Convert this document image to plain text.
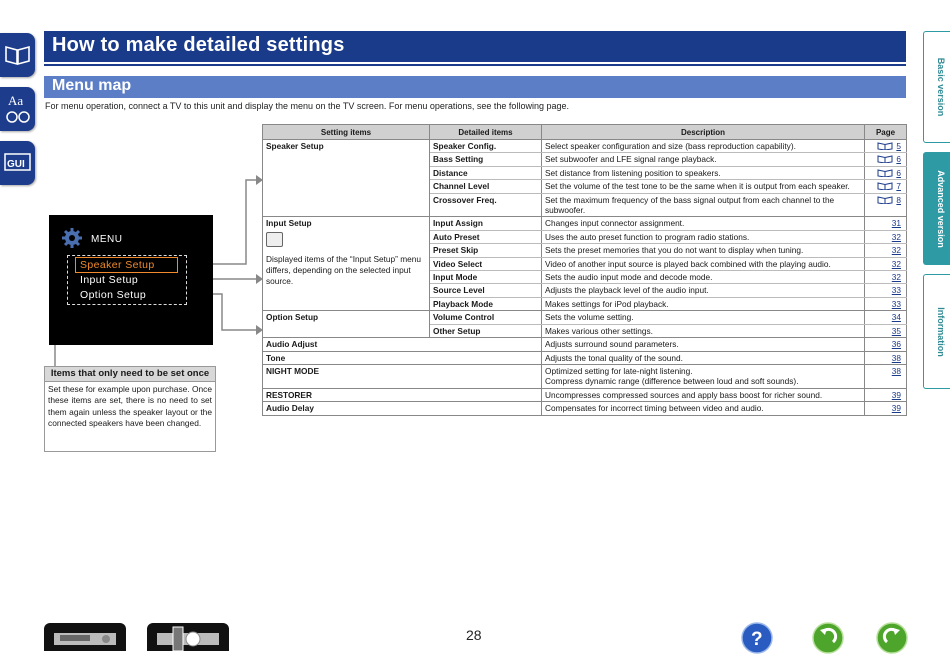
How to make detailed settings
Menu map
For menu operation, connect a TV to this unit and display the menu on the TV screen. For menu operations, see the following page.
Aa
GUI
Basic version
Advanced version
Information
MENU
Speaker Setup
Input Setup
Option Setup
Items that only need to be set once
Set these for example upon purchase. Once these items are set, there is no need to set them again unless the speaker layout or the connected speakers have been changed.
Setting items	Detailed items	Description	Page
Speaker Setup	Speaker Config.	Select speaker configuration and size (bass reproduction capability).	5
	Bass Setting	Set subwoofer and LFE signal range playback.	6
	Distance	Set distance from listening position to speakers.	6
	Channel Level	Set the volume of the test tone to be the same when it is output from each speaker.	7
	Crossover Freq.	Set the maximum frequency of the bass signal output from each channel to the subwoofer.	8

Input Setup
Displayed items of the “Input Setup” menu differs, depending on the selected input source.	Input Assign	Changes input connector assignment.	31
	Auto Preset	Uses the auto preset function to program radio stations.	32
	Preset Skip	Sets the preset memories that you do not want to display when tuning.	32
	Video Select	Video of another input source is played back combined with the playing audio.	32
	Input Mode	Sets the audio input mode and decode mode.	32
	Source Level	Adjusts the playback level of the audio input.	33
	Playback Mode	Makes settings for iPod playback.	33
Option Setup	Volume Control	Sets the volume setting.	34
	Other Setup	Makes various other settings.	35
Audio Adjust		Adjusts surround sound parameters.	36
Tone		Adjusts the tonal quality of the sound.	38
NIGHT MODE		Optimized setting for late-night listening.
Compress dynamic range (difference between loud and soft sounds).	38
RESTORER		Uncompresses compressed sources and apply bass boost for richer sound.	39
Audio Delay		Compensates for incorrect timing between video and audio.	39
28	?
